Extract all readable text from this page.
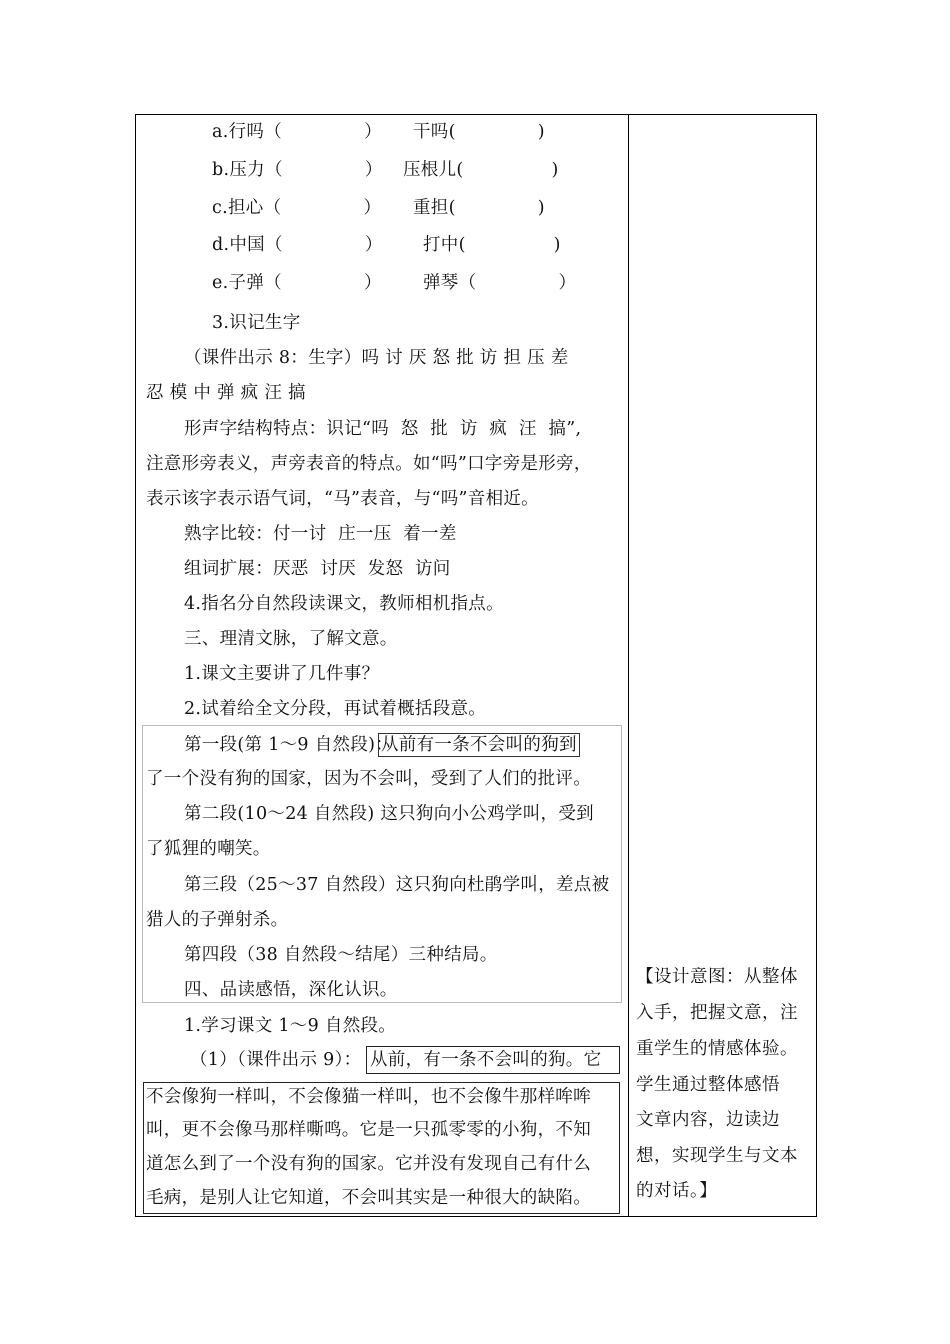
a.行吗（              ） 干吗(              )
b.压力（              ） 压根儿(               )
c.担心（              ） 重担(              )
d.中国（              ） 打中(               )
e.子弹（              ） 弹琴（              ）
3.识记生字
（课件出示 8：生字）吗 讨 厌 怒 批 访 担 压 差
忍 模 中 弹 疯 汪 搞
形声字结构特点：识记“吗  怒  批  访  疯  汪  搞”,
注意形旁表义，声旁表音的特点。如“吗”口字旁是形旁，
表示该字表示语气词，“马”表音，与“吗”音相近。
熟字比较：付一讨  庄一压  着一差
组词扩展：厌恶  讨厌  发怒  访问
4.指名分自然段读课文，教师相机指点。
三、理清文脉，了解文意。
1.课文主要讲了几件事？
2.试着给全文分段，再试着概括段意。
第一段(第 1～9 自然段)：
从前有一条不会叫的狗到
了一个没有狗的国家，因为不会叫，受到了人们的批评。
第二段(10～24 自然段) 这只狗向小公鸡学叫，受到
了狐狸的嘲笑。
第三段（25～37 自然段）这只狗向杜鹃学叫，差点被
猎人的子弹射杀。
第四段（38 自然段～结尾）三种结局。
四、品读感悟，深化认识。
1.学习课文 1～9 自然段。
（1）（课件出示 9）： 从前，有一条不会叫的狗。它
不会像狗一样叫，不会像猫一样叫，也不会像牛那样哞哞
叫，更不会像马那样嘶鸣。它是一只孤零零的小狗，不知
道怎么到了一个没有狗的国家。它并没有发现自己有什么
毛病，是别人让它知道，不会叫其实是一种很大的缺陷。
【设计意图：从整体
入手，把握文意，注
重学生的情感体验。
学生通过整体感悟
文章内容，边读边
想，实现学生与文本
的对话。】
